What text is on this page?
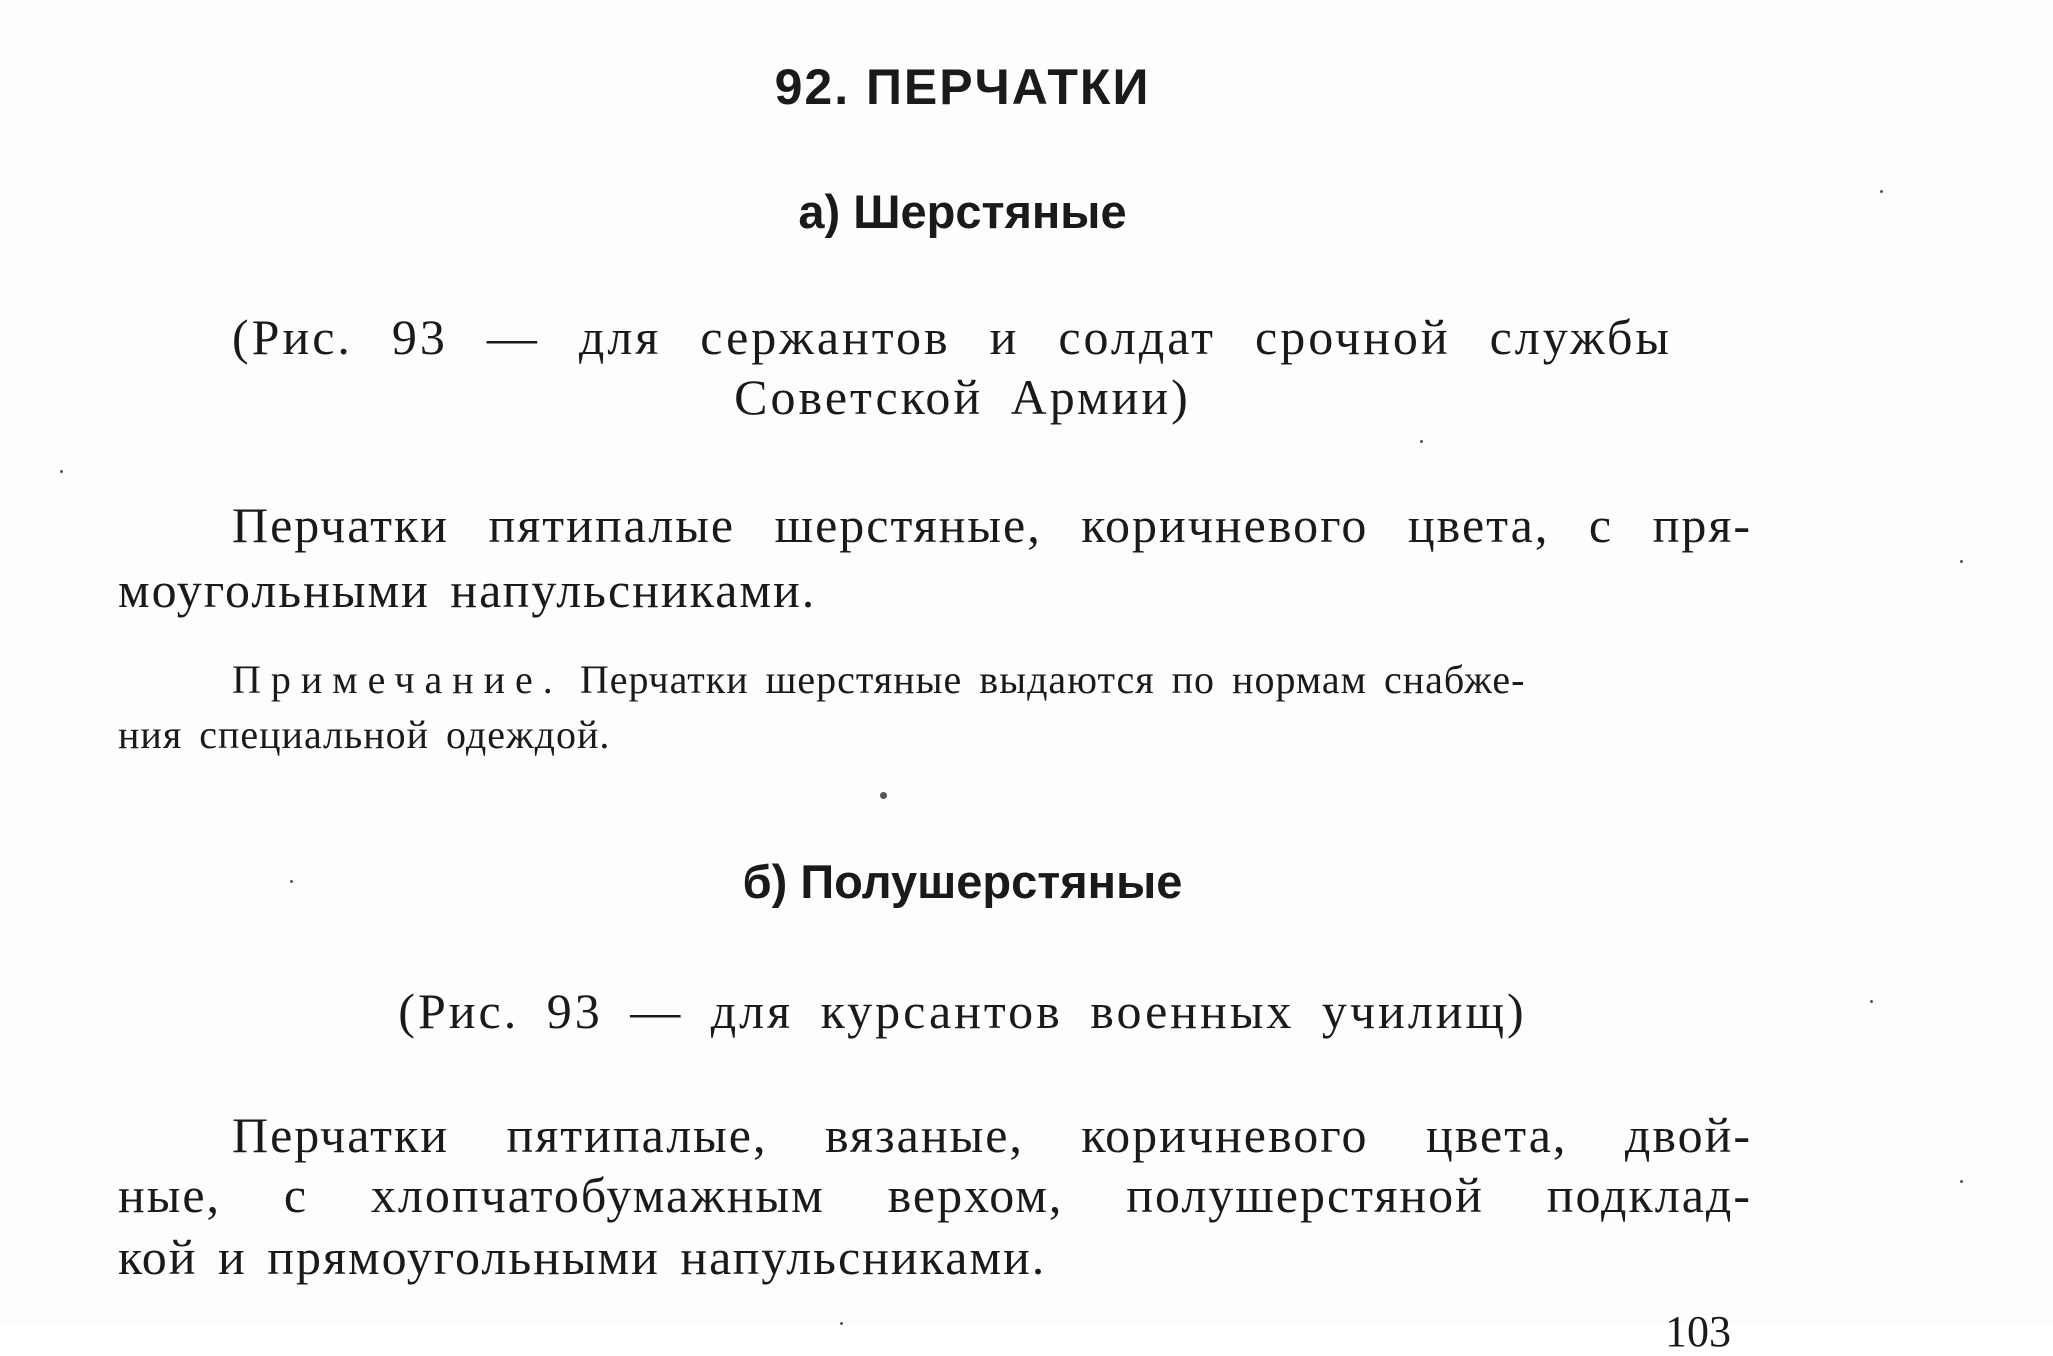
92. ПЕРЧАТКИ
а) Шерстяные
(Рис. 93 — для сержантов и солдат срочной службы
Советской Армии)
Перчатки пятипалые шерстяные, коричневого цвета, с пря-
моугольными напульсниками.
Примечание. Перчатки шерстяные выдаются по нормам снабже-
ния специальной одеждой.
б) Полушерстяные
(Рис. 93 — для курсантов военных училищ)
Перчатки пятипалые, вязаные, коричневого цвета, двой-
ные, с хлопчатобумажным верхом, полушерстяной подклад-
кой и прямоугольными напульсниками.
103
